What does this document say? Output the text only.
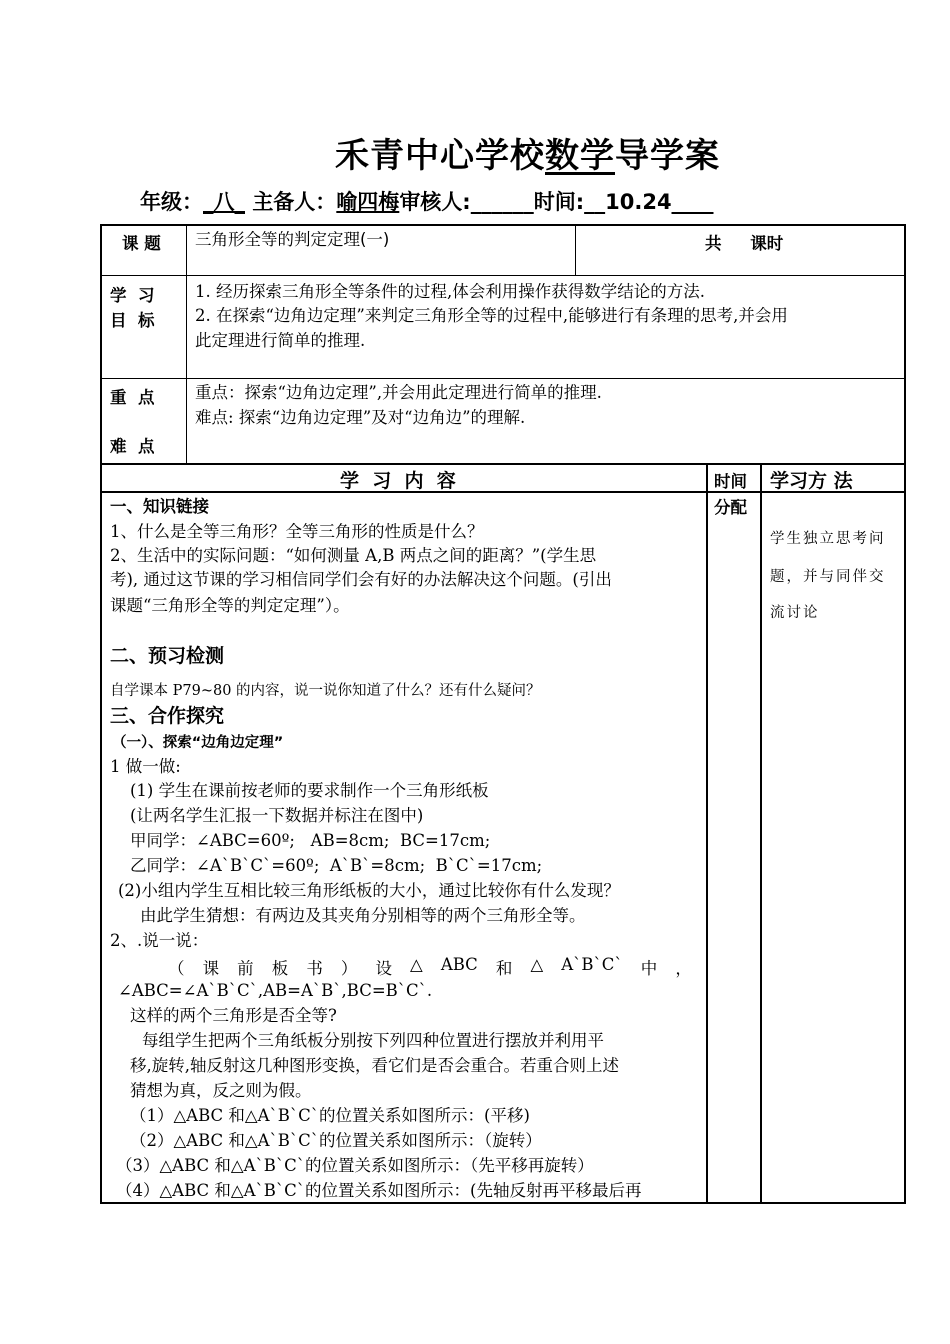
禾青中心学校数学导学案
年级：_八_ 主备人：喻四梅审核人:______时间:__10.24____
课 题 三角形全等的判定定理(一)	共     课时
学  习
目  标
1. 经历探索三角形全等条件的过程,体会利用操作获得数学结论的方法.
2. 在探索“边角边定理”来判定三角形全等的过程中,能够进行有条理的思考,并会用
此定理进行简单的推理.
重  点
难  点
重点：探索“边角边定理”,并会用此定理进行简单的推理.
难点: 探索“边角边定理”及对“边角边”的理解.
学  习  内  容	时间
分配
学习方 法
学生独立思考问
题，并与同伴交
流讨论
一、知识链接
1、什么是全等三角形？全等三角形的性质是什么？
2、生活中的实际问题：“如何测量 A,B 两点之间的距离？”(学生思
考), 通过这节课的学习相信同学们会有好的办法解决这个问题。(引出
课题“三角形全等的判定定理”）。
二、预习检测
自学课本 P79~80 的内容，说一说你知道了什么？还有什么疑问？
三、合作探究
（一）、探索“边角边定理”
1 做一做:
(1) 学生在课前按老师的要求制作一个三角形纸板
(让两名学生汇报一下数据并标注在图中)
甲同学：∠ABC=60º;   AB=8cm;  BC=17cm;
乙同学：∠A`B`C`=60º;  A`B`=8cm;  B`C`=17cm;
(2)小组内学生互相比较三角形纸板的大小，通过比较你有什么发现？
由此学生猜想：有两边及其夹角分别相等的两个三角形全等。
2、.说一说：
（ 课 前 板 书 ） 设 △ ABC 和 △ A`B`C` 中 ，
∠ABC=∠A`B`C`,AB=A`B`,BC=B`C`.
这样的两个三角形是否全等?
每组学生把两个三角纸板分别按下列四种位置进行摆放并利用平
移,旋转,轴反射这几种图形变换，看它们是否会重合。若重合则上述
猜想为真，反之则为假。
（1）△ABC 和△A`B`C`的位置关系如图所示：(平移)
（2）△ABC 和△A`B`C`的位置关系如图所示：（旋转）
（3）△ABC 和△A`B`C`的位置关系如图所示：（先平移再旋转）
（4）△ABC 和△A`B`C`的位置关系如图所示：(先轴反射再平移最后再
